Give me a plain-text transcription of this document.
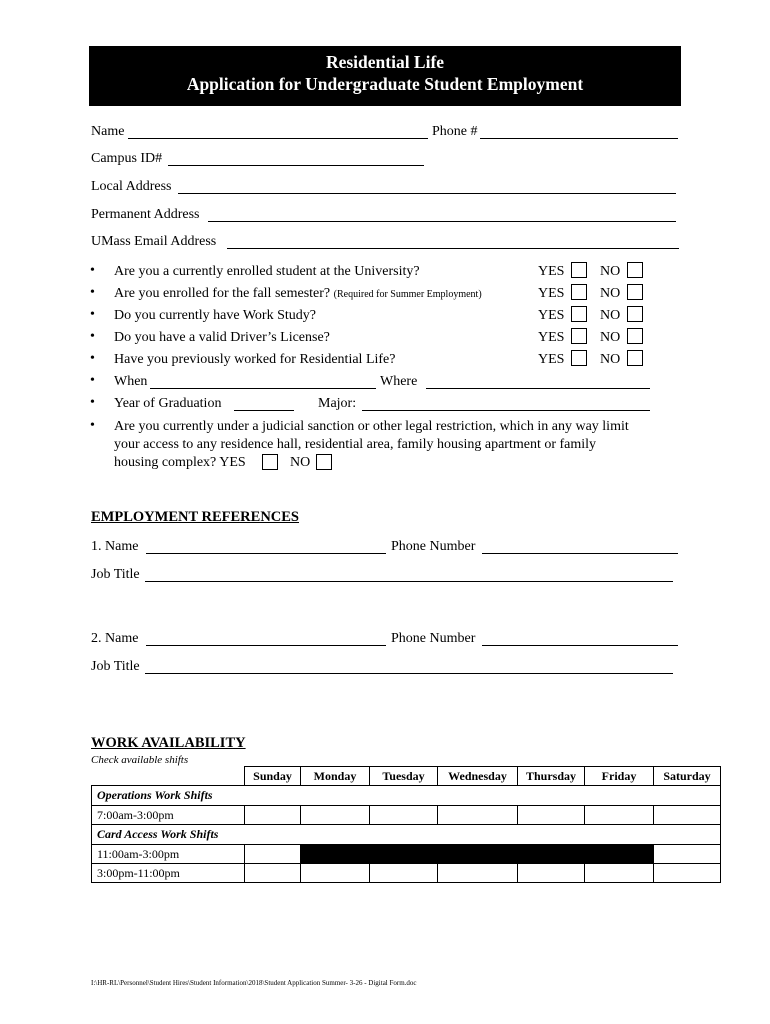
Residential Life
Application for Undergraduate Student Employment
Name	Phone #
Campus ID#
Local Address
Permanent Address
UMass Email Address
• Are you a currently enrolled student at the University?	YES	NO
• Are you enrolled for the fall semester? (Required for Summer Employment)	YES	NO
• Do you currently have Work Study?	YES	NO
• Do you have a valid Driver’s License?	YES	NO
• Have you previously worked for Residential Life?	YES	NO
• When	Where
• Year of Graduation	Major:
• Are you currently under a judicial sanction or other legal restriction, which in any way limit
your access to any residence hall, residential area, family housing apartment or family
housing complex? YES	NO
EMPLOYMENT REFERENCES
1. Name	Phone Number
Job Title
2. Name	Phone Number
Job Title
WORK AVAILABILITY
Check available shifts
	Sunday	Monday	Tuesday	Wednesday	Thursday	Friday	Saturday
Operations Work Shifts							
7:00am-3:00pm							
Card Access Work Shifts							
11:00am-3:00pm							
3:00pm-11:00pm							
I:\HR-RL\Personnel\Student Hires\Student Information\2018\Student Application Summer- 3-26 - Digital Form.doc
